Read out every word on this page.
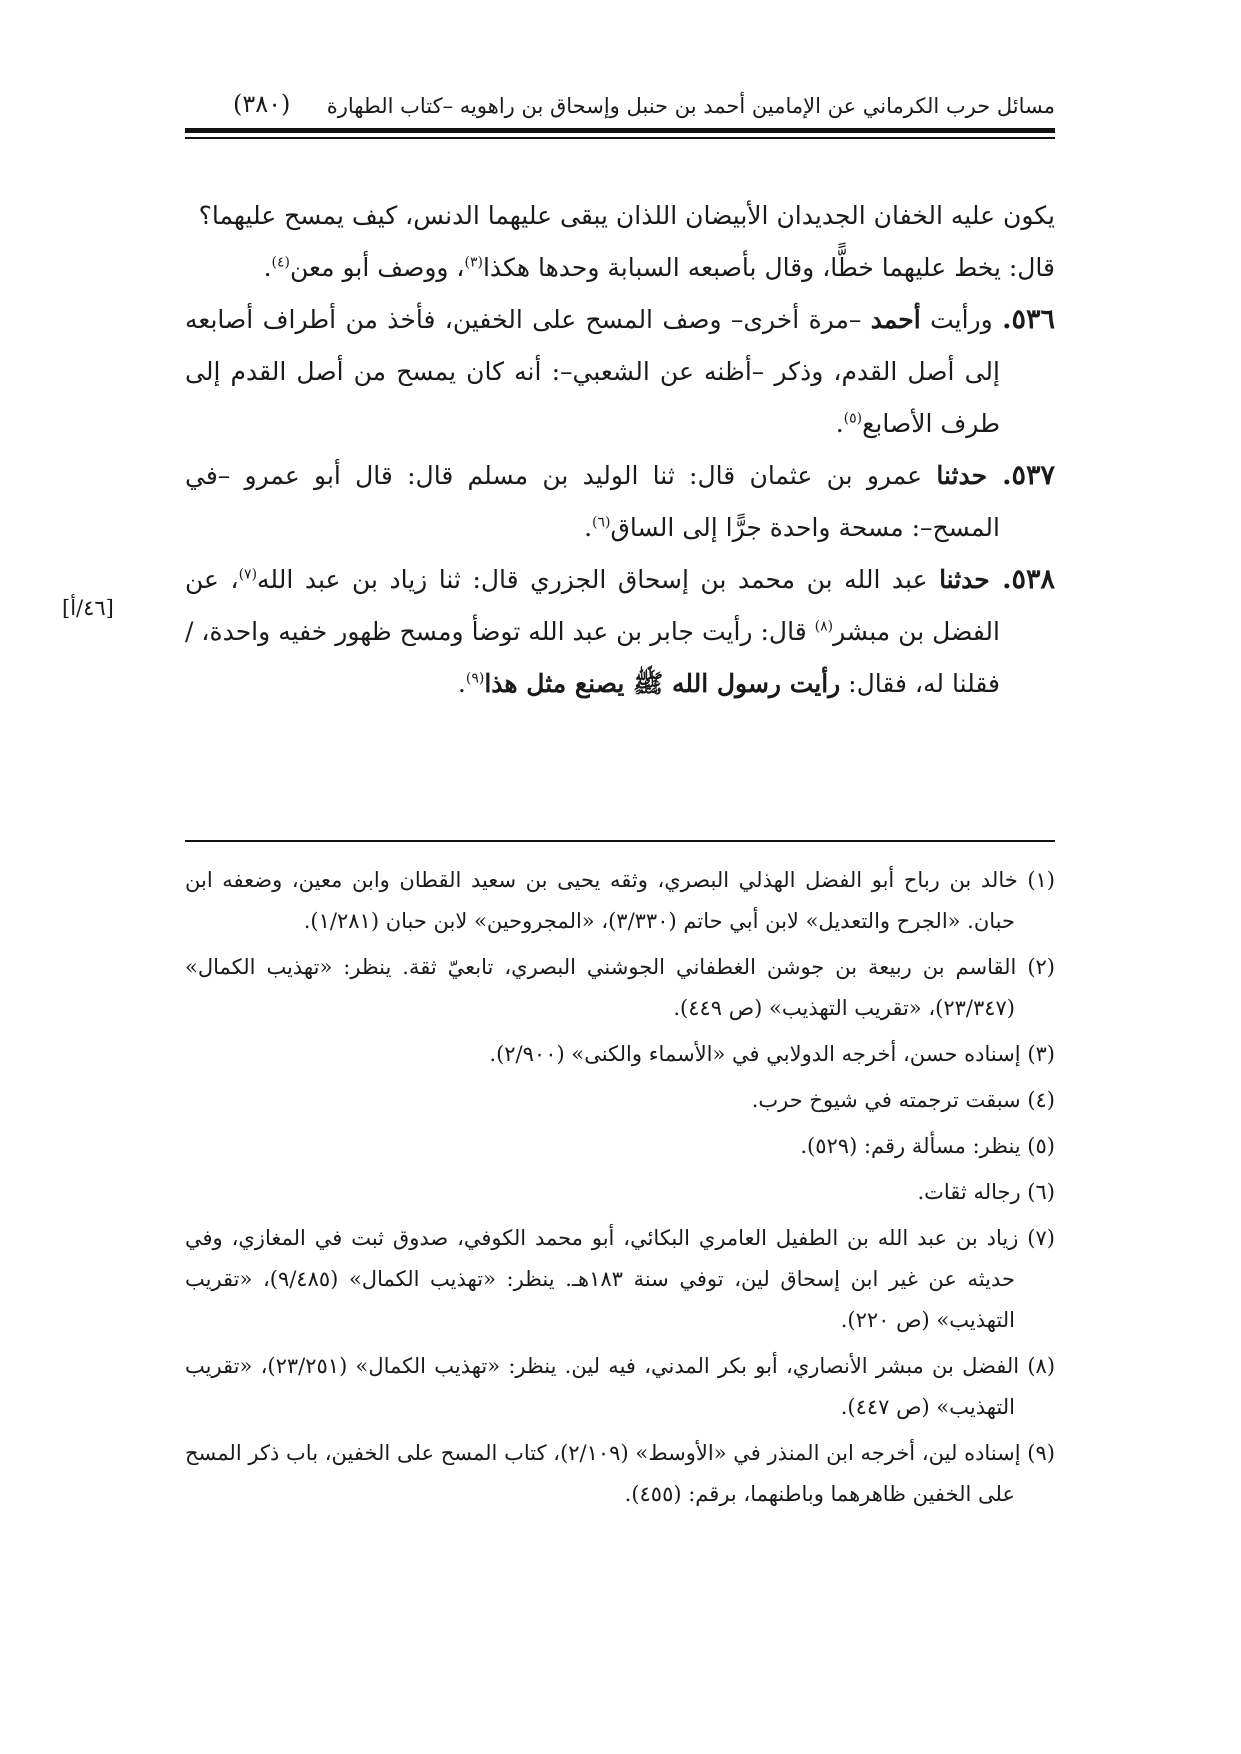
مسائل حرب الكرماني عن الإمامين أحمد بن حنبل وإسحاق بن راهويه –كتاب الطهارة
(٣٨٠)
[٤٦/أ]

يكون عليه الخفان الجديدان الأبيضان اللذان يبقى عليهما الدنس، كيف يمسح عليهما؟
قال: يخط عليهما خطًّا، وقال بأصبعه السبابة وحدها هكذا$^{(٣)}$، ووصف أبو معن$^{(٤)}$.

٥٣٦. ورأيت أحمد –مرة أخرى– وصف المسح على الخفين، فأخذ من أطراف أصابعه إلى أصل القدم، وذكر –أظنه عن الشعبي–: أنه كان يمسح من أصل القدم إلى طرف الأصابع$^{(٥)}$.

٥٣٧. حدثنا عمرو بن عثمان قال: ثنا الوليد بن مسلم قال: قال أبو عمرو –في المسح–: مسحة واحدة جرًّا إلى الساق$^{(٦)}$.

٥٣٨. حدثنا عبد الله بن محمد بن إسحاق الجزري قال: ثنا زياد بن عبد الله$^{(٧)}$، عن الفضل بن مبشر$^{(٨)}$ قال: رأيت جابر بن عبد الله توضأ ومسح ظهور خفيه واحدة، / فقلنا له، فقال: رأيت رسول الله ﷺ يصنع مثل هذا$^{(٩)}$.

(١) خالد بن رباح أبو الفضل الهذلي البصري، وثقه يحيى بن سعيد القطان وابن معين، وضعفه ابن حبان. «الجرح والتعديل» لابن أبي حاتم (٣/٣٣٠)، «المجروحين» لابن حبان (١/٢٨١).

(٢) القاسم بن ربيعة بن جوشن الغطفاني الجوشني البصري، تابعيّ ثقة. ينظر: «تهذيب الكمال» (٢٣/٣٤٧)، «تقريب التهذيب» (ص ٤٤٩).

(٣) إسناده حسن، أخرجه الدولابي في «الأسماء والكنى» (٢/٩٠٠).

(٤) سبقت ترجمته في شيوخ حرب.

(٥) ينظر: مسألة رقم: (٥٢٩).

(٦) رجاله ثقات.

(٧) زياد بن عبد الله بن الطفيل العامري البكائي، أبو محمد الكوفي، صدوق ثبت في المغازي، وفي حديثه عن غير ابن إسحاق لين، توفي سنة ١٨٣هـ. ينظر: «تهذيب الكمال» (٩/٤٨٥)، «تقريب التهذيب» (ص ٢٢٠).

(٨) الفضل بن مبشر الأنصاري، أبو بكر المدني، فيه لين. ينظر: «تهذيب الكمال» (٢٣/٢٥١)، «تقريب التهذيب» (ص ٤٤٧).

(٩) إسناده لين، أخرجه ابن المنذر في «الأوسط» (٢/١٠٩)، كتاب المسح على الخفين، باب ذكر المسح على الخفين ظاهرهما وباطنهما، برقم: (٤٥٥).
